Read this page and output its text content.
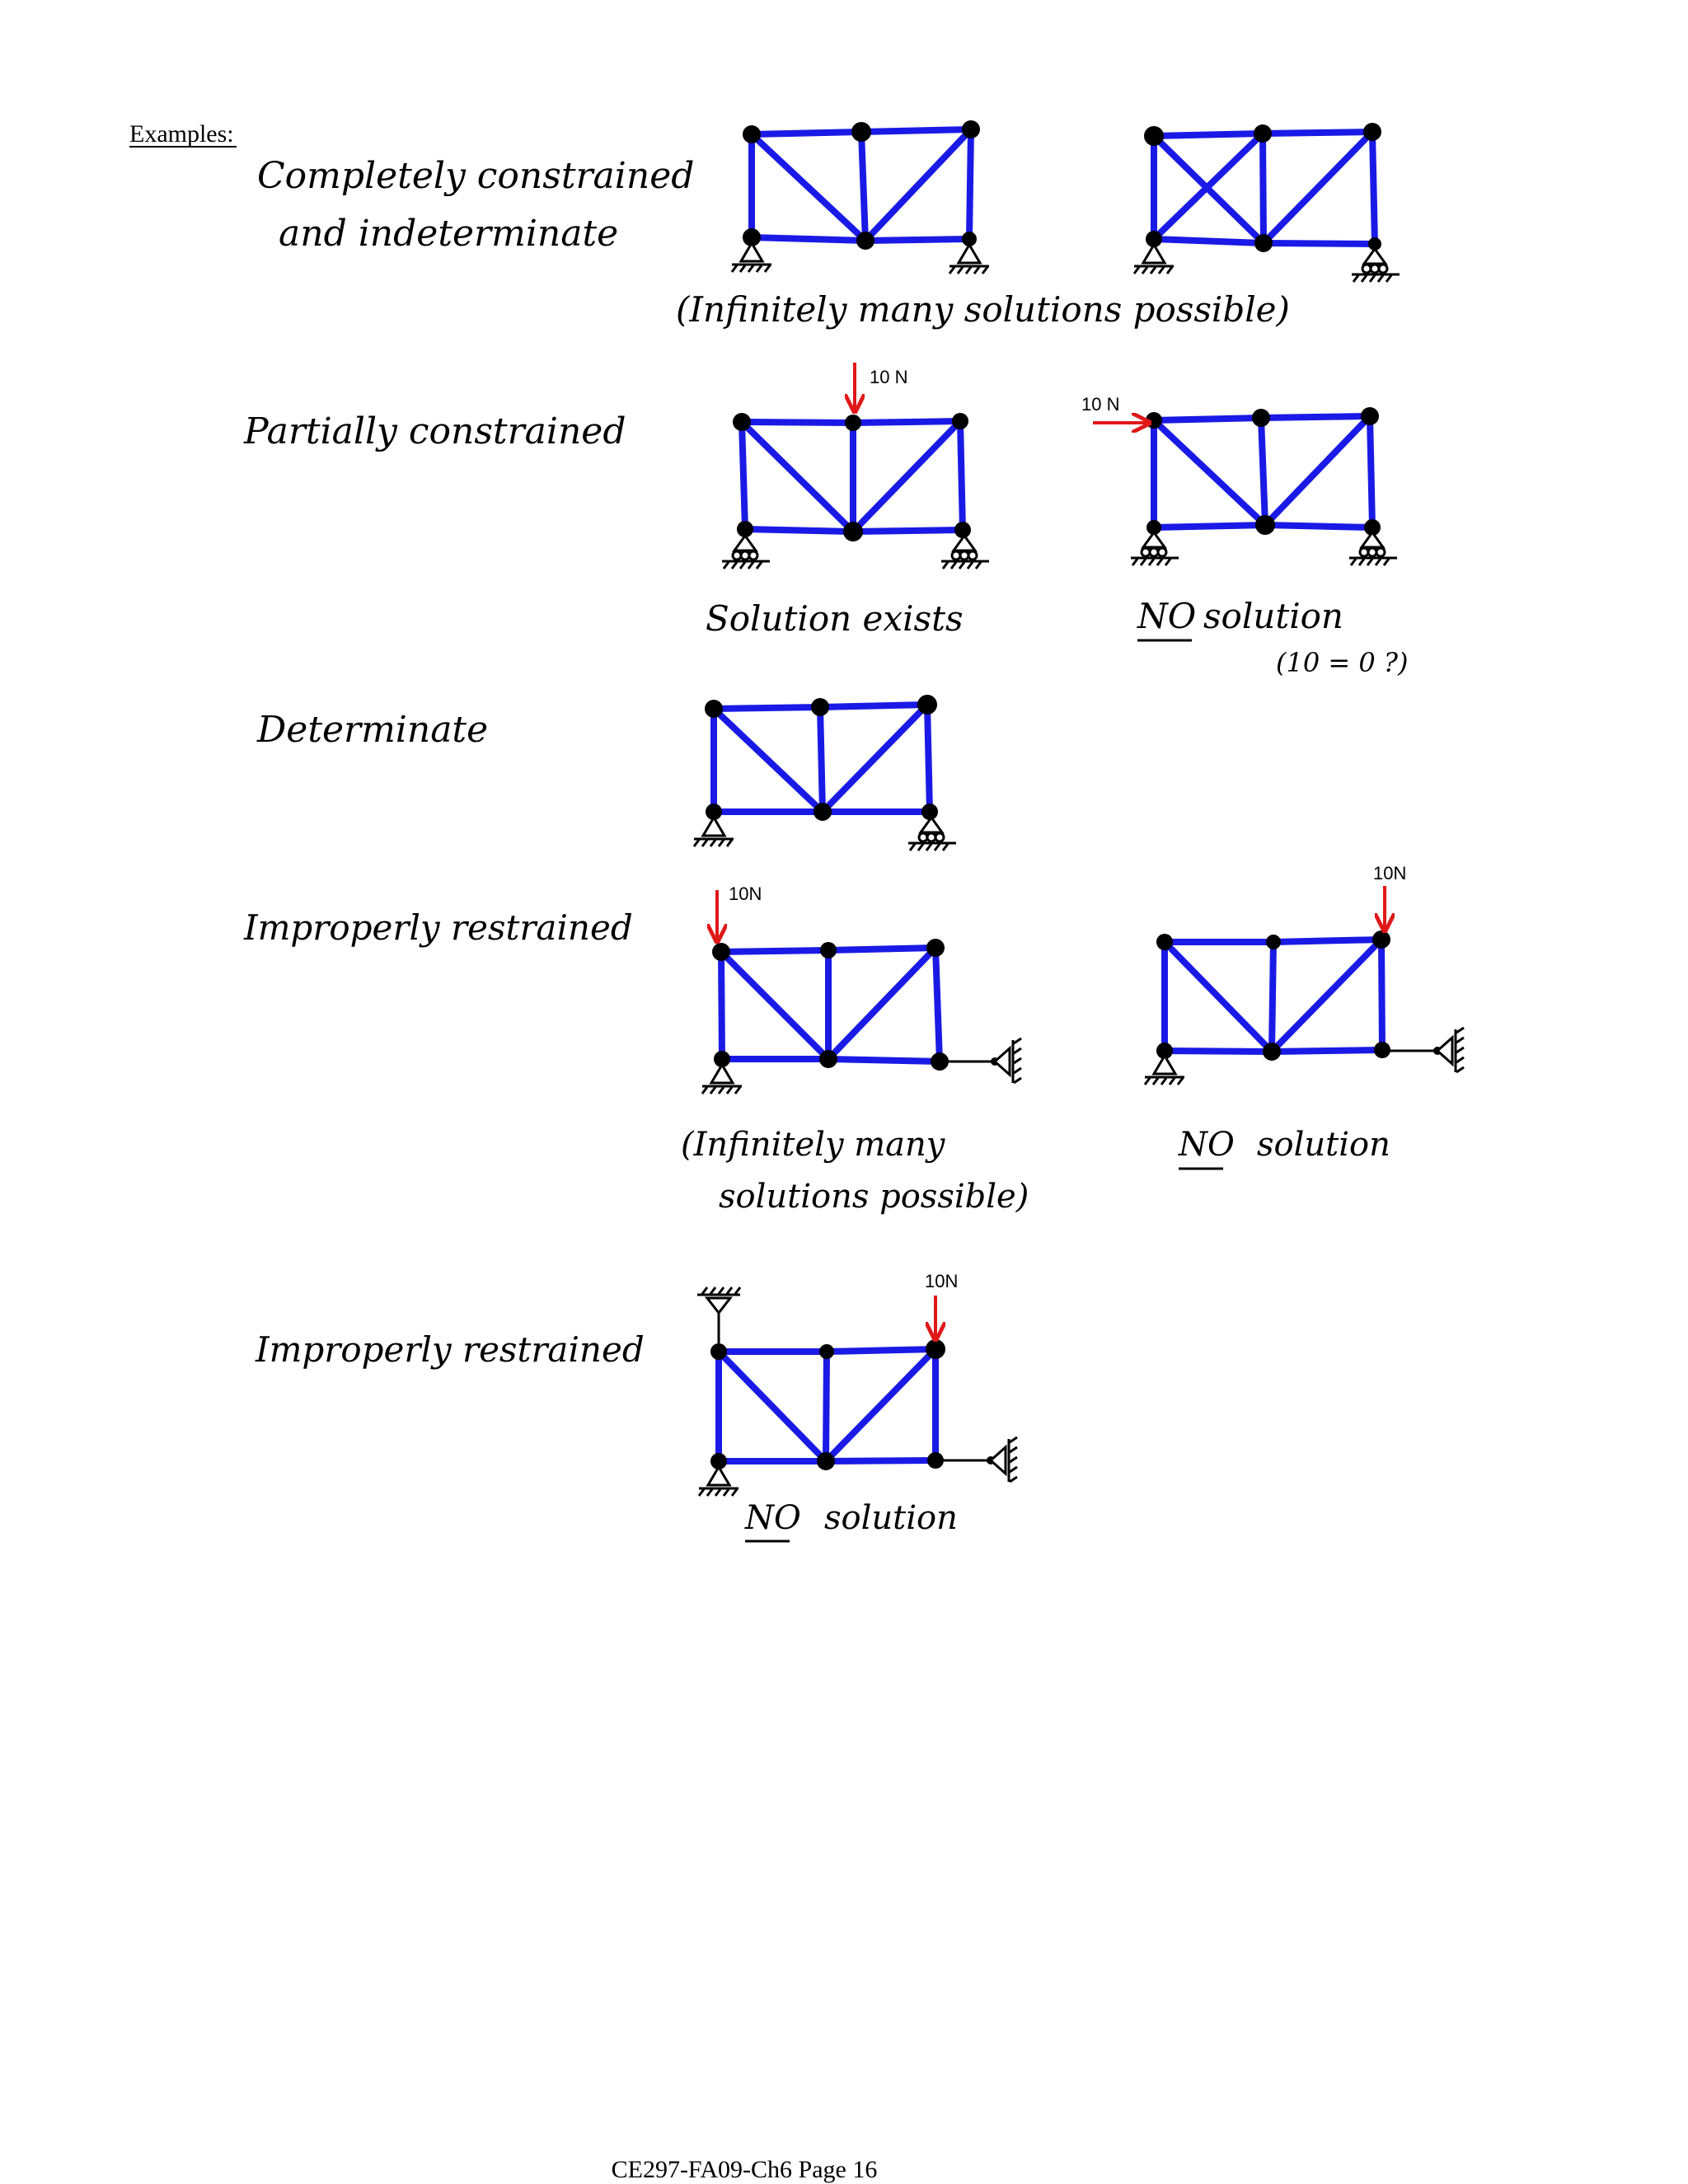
Examples:
Completely constrained
and indeterminate
(Infinitely many solutions possible)
Partially constrained
10 N
10 N
Solution exists	NO solution
(10 = 0 ?)
Determinate
Improperly restrained
10N
10N
(Infinitely many
solutions possible)
NO solution
Improperly restrained
10N
NO solution
CE297-FA09-Ch6 Page 16
